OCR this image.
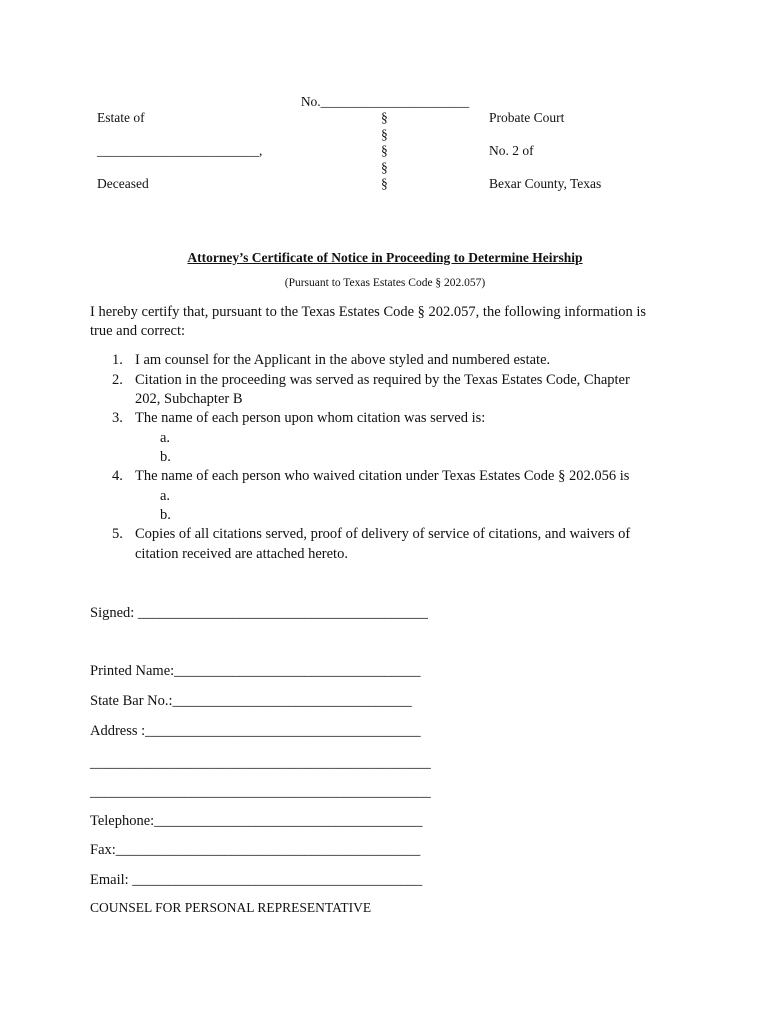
No.______________________
Estate of
________________________,
Deceased
§
§
§
§
§
Probate Court
No. 2 of
Bexar County, Texas
Attorney’s Certificate of Notice in Proceeding to Determine Heirship
(Pursuant to Texas Estates Code § 202.057)
I hereby certify that, pursuant to the Texas Estates Code § 202.057, the following information is
true and correct:
1. I am counsel for the Applicant in the above styled and numbered estate.
2. Citation in the proceeding was served as required by the Texas Estates Code, Chapter
202, Subchapter B
3. The name of each person upon whom citation was served is:
a.
b.
4. The name of each person who waived citation under Texas Estates Code § 202.056 is
a.
b.
5. Copies of all citations served, proof of delivery of service of citations, and waivers of
citation received are attached hereto.
Signed: ________________________________________
Printed Name:__________________________________
State Bar No.:_________________________________
Address :______________________________________
_______________________________________________
_______________________________________________
Telephone:_____________________________________
Fax:__________________________________________
Email: ________________________________________
COUNSEL FOR PERSONAL REPRESENTATIVE
